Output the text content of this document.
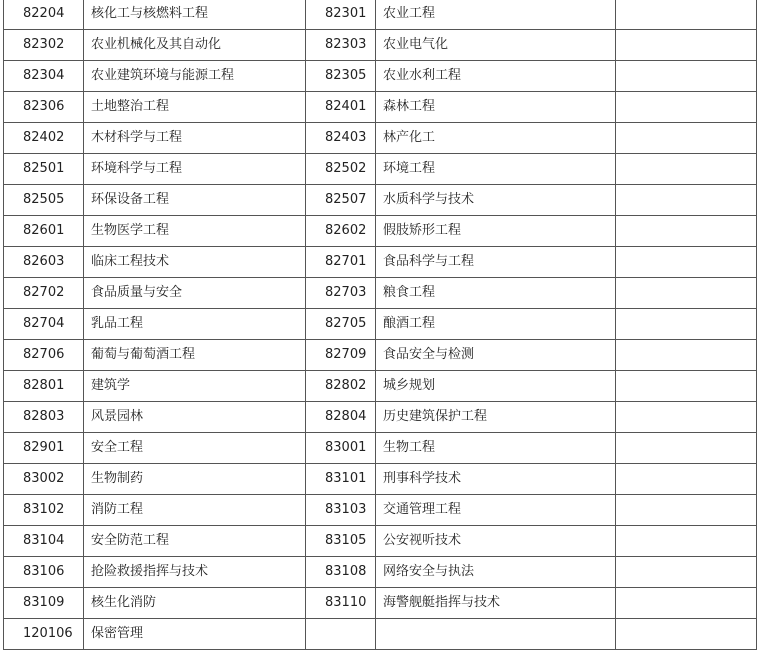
82204	核化工与核燃料工程	82301	农业工程	
82302	农业机械化及其自动化	82303	农业电气化	
82304	农业建筑环境与能源工程	82305	农业水利工程	
82306	土地整治工程	82401	森林工程	
82402	木材科学与工程	82403	林产化工	
82501	环境科学与工程	82502	环境工程	
82505	环保设备工程	82507	水质科学与技术	
82601	生物医学工程	82602	假肢矫形工程	
82603	临床工程技术	82701	食品科学与工程	
82702	食品质量与安全	82703	粮食工程	
82704	乳品工程	82705	酿酒工程	
82706	葡萄与葡萄酒工程	82709	食品安全与检测	
82801	建筑学	82802	城乡规划	
82803	风景园林	82804	历史建筑保护工程	
82901	安全工程	83001	生物工程	
83002	生物制药	83101	刑事科学技术	
83102	消防工程	83103	交通管理工程	
83104	安全防范工程	83105	公安视听技术	
83106	抢险救援指挥与技术	83108	网络安全与执法	
83109	核生化消防	83110	海警舰艇指挥与技术	
120106	保密管理			
